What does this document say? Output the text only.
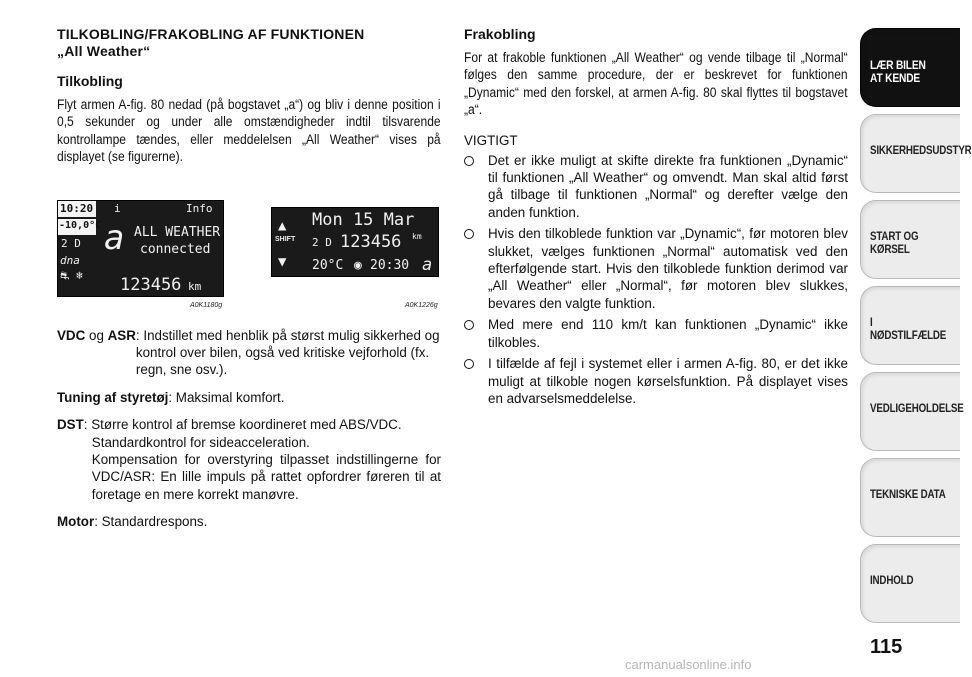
TILKOBLING/FRAKOBLING AF FUNKTIONEN
„All Weather“
Tilkobling

Flyt armen A-fig. 80 nedad (på bogstavet „a“) og bliv i denne position i 0,5 sekunder og under alle omstændigheder indtil tilsvarende kontrollampe tændes, eller meddelelsen „All Weather“ vises på displayet (se figurerne).

10:20 i	Info
-10,0°C
2 D
dna
⛐ ❄
a ALL WEATHER
connected
123456 km
A0K1180g
▲
SHIFT
▼
Mon 15 Mar
2 D 123456 km
20°C ◉ 20:30 a
A0K1226g
VDC og ASR : Indstillet med henblik på størst mulig sikkerhed og kontrol over bilen, også ved kritiske vejforhold (fx. regn, sne osv.).
Tuning af styretøj: Maksimal komfort.
DST : Større kontrol af bremse koordineret med ABS/VDC.
Standardkontrol for sideacceleration.
Kompensation for overstyring tilpasset indstillingerne for VDC/ASR: En lille impuls på rattet opfordrer føreren til at foretage en mere korrekt manøvre.
Motor: Standardrespons.
Frakobling

For at frakoble funktionen „All Weather“ og vende tilbage til „Normal“ følges den samme procedure, der er beskrevet for funktionen „Dynamic“ med den forskel, at armen A-fig. 80 skal flyttes til bogstavet „a“.

VIGTIGT
Det er ikke muligt at skifte direkte fra funktionen „Dynamic“ til funktionen „All Weather“ og omvendt. Man skal altid først gå tilbage til funktionen „Normal“ og derefter vælge den anden funktion.
Hvis den tilkoblede funktion var „Dynamic“, før motoren blev slukket, vælges funktionen „Normal“ automatisk ved den efterfølgende start. Hvis den tilkoblede funktion derimod var „All Weather“ eller „Normal“, før motoren blev slukkes, bevares den valgte funktion.
Med mere end 110 km/t kan funktionen „Dynamic“ ikke tilkobles.
I tilfælde af fejl i systemet eller i armen A-fig. 80, er det ikke muligt at tilkoble nogen kørselsfunktion. På displayet vises en advarselsmeddelelse.
LÆR BILEN
AT KENDE
SIKKERHEDSUDSTYR
START OG KØRSEL
I NØDSTILFÆLDE
VEDLIGEHOLDELSE
TEKNISKE DATA
INDHOLD
115
carmanualsonline.info
